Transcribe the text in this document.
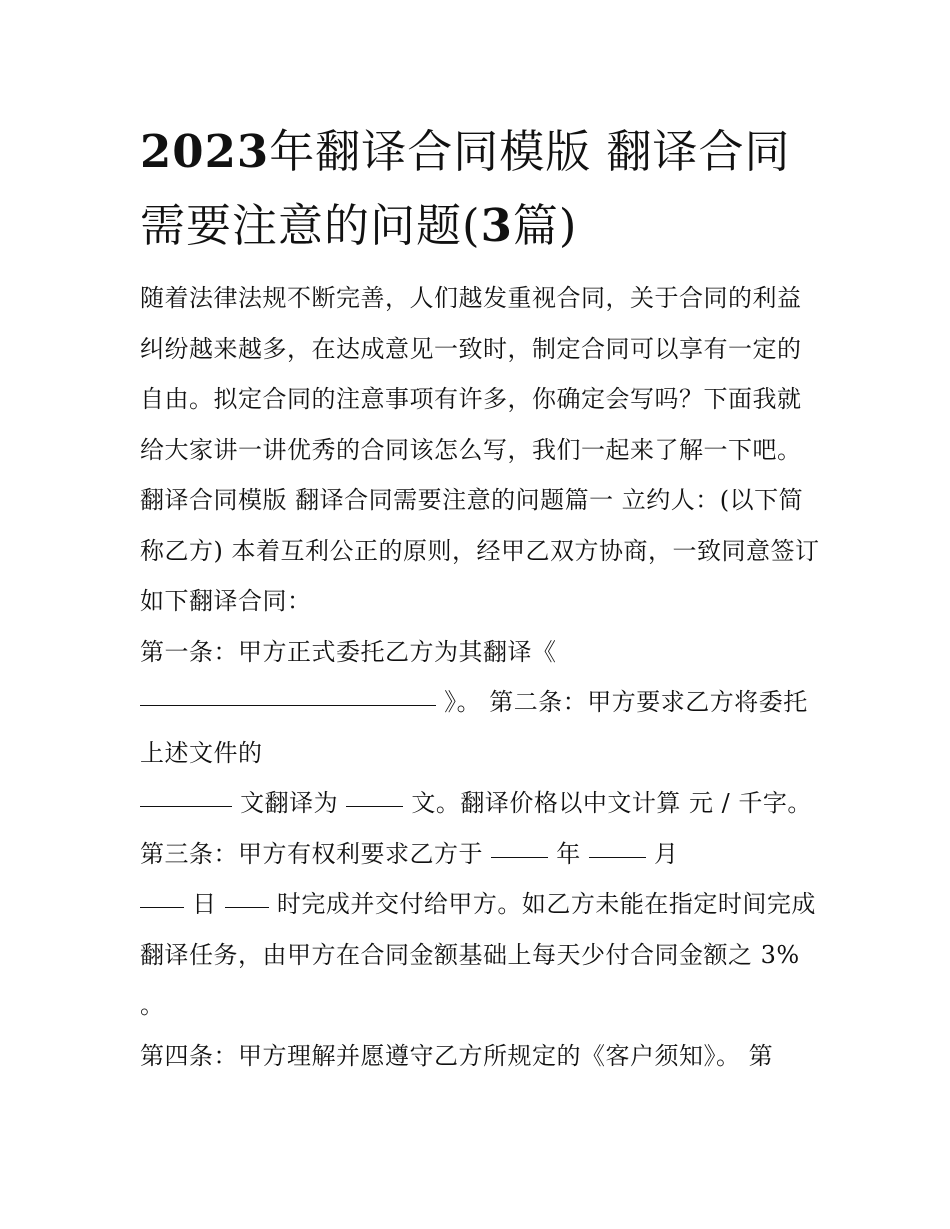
2023年翻译合同模版 翻译合同需要注意的问题(3篇)

随着法律法规不断完善，人们越发重视合同，关于合同的利益纠纷越来越多，在达成意见一致时，制定合同可以享有一定的自由。拟定合同的注意事项有许多，你确定会写吗？下面我就给大家讲一讲优秀的合同该怎么写，我们一起来了解一下吧。

翻译合同模版 翻译合同需要注意的问题篇一 立约人：(以下简称乙方) 本着互利公正的原则，经甲乙双方协商，一致同意签订如下翻译合同：

第一条：甲方正式委托乙方为其翻译《
》。 第二条：甲方要求乙方将委托上述文件的

文翻译为  文。翻译价格以中文计算 元 / 千字。 第三条：甲方有权利要求乙方于  年  月
日  时完成并交付给甲方。如乙方未能在指定时间完成翻译任务，由甲方在合同金额基础上每天少付合同金额之 3% 。

第四条：甲方理解并愿遵守乙方所规定的《客户须知》。 第
